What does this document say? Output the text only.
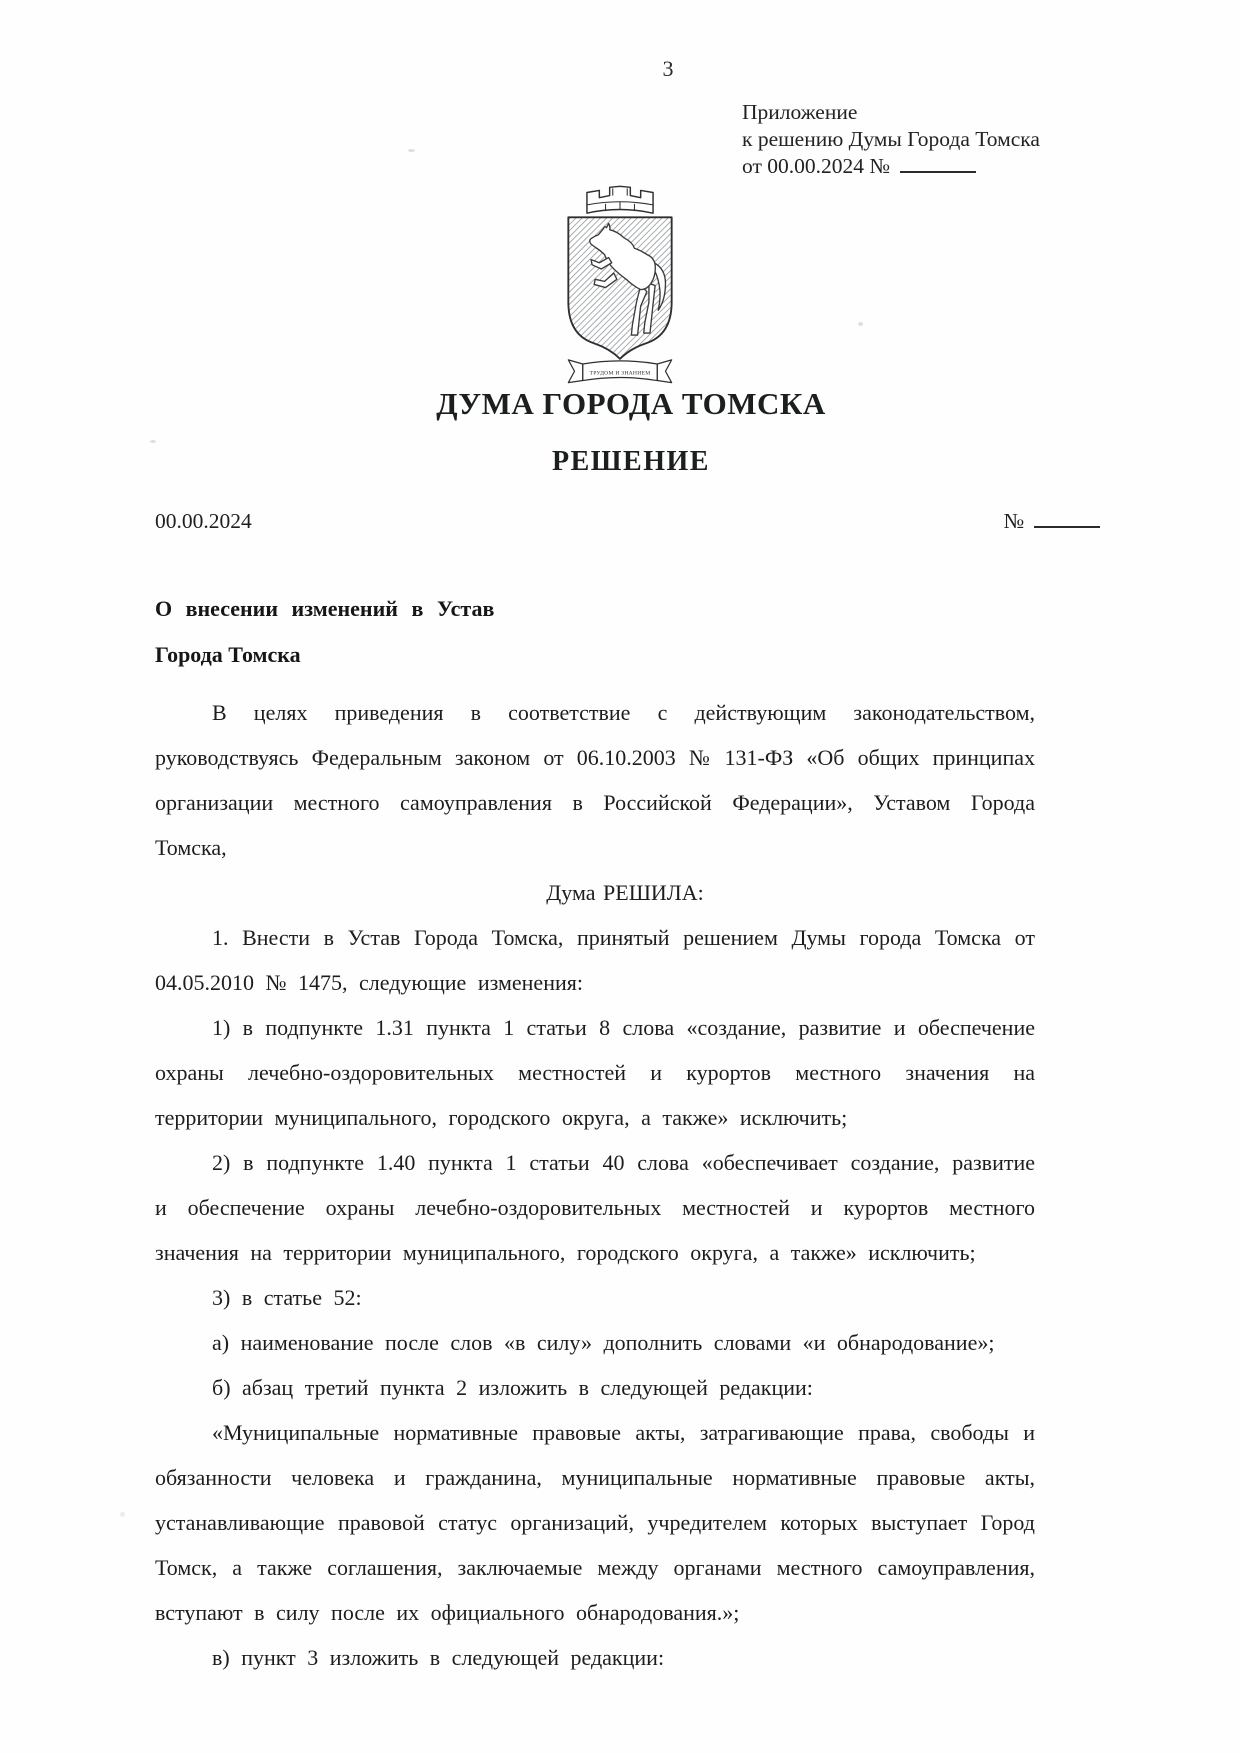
3
Приложение
к решению Думы Города Томска
от 00.00.2024 №
ТРУДОМ И ЗНАНИЕМ
ДУМА ГОРОДА ТОМСКА
РЕШЕНИЕ
00.00.2024	№
О внесении изменений в Устав
Города Томска

В целях приведения в соответствие с действующим законодательством, руководствуясь Федеральным законом от 06.10.2003 № 131-ФЗ «Об общих принципах организации местного самоуправления в Российской Федерации», Уставом Города Томска,

Дума РЕШИЛА:

1. Внести в Устав Города Томска, принятый решением Думы города Томска от 04.05.2010 № 1475, следующие изменения:

1) в подпункте 1.31 пункта 1 статьи 8 слова «создание, развитие и обеспечение охраны лечебно-оздоровительных местностей и курортов местного значения на территории муниципального, городского округа, а также» исключить;

2) в подпункте 1.40 пункта 1 статьи 40 слова «обеспечивает создание, развитие и обеспечение охраны лечебно-оздоровительных местностей и курортов местного значения на территории муниципального, городского округа, а также» исключить;

3) в статье 52:

а) наименование после слов «в силу» дополнить словами «и обнародование»;

б) абзац третий пункта 2 изложить в следующей редакции:

«Муниципальные нормативные правовые акты, затрагивающие права, свободы и обязанности человека и гражданина, муниципальные нормативные правовые акты, устанавливающие правовой статус организаций, учредителем которых выступает Город Томск, а также соглашения, заключаемые между органами местного самоуправления, вступают в силу после их официального обнародования.»;

в) пункт 3 изложить в следующей редакции:
